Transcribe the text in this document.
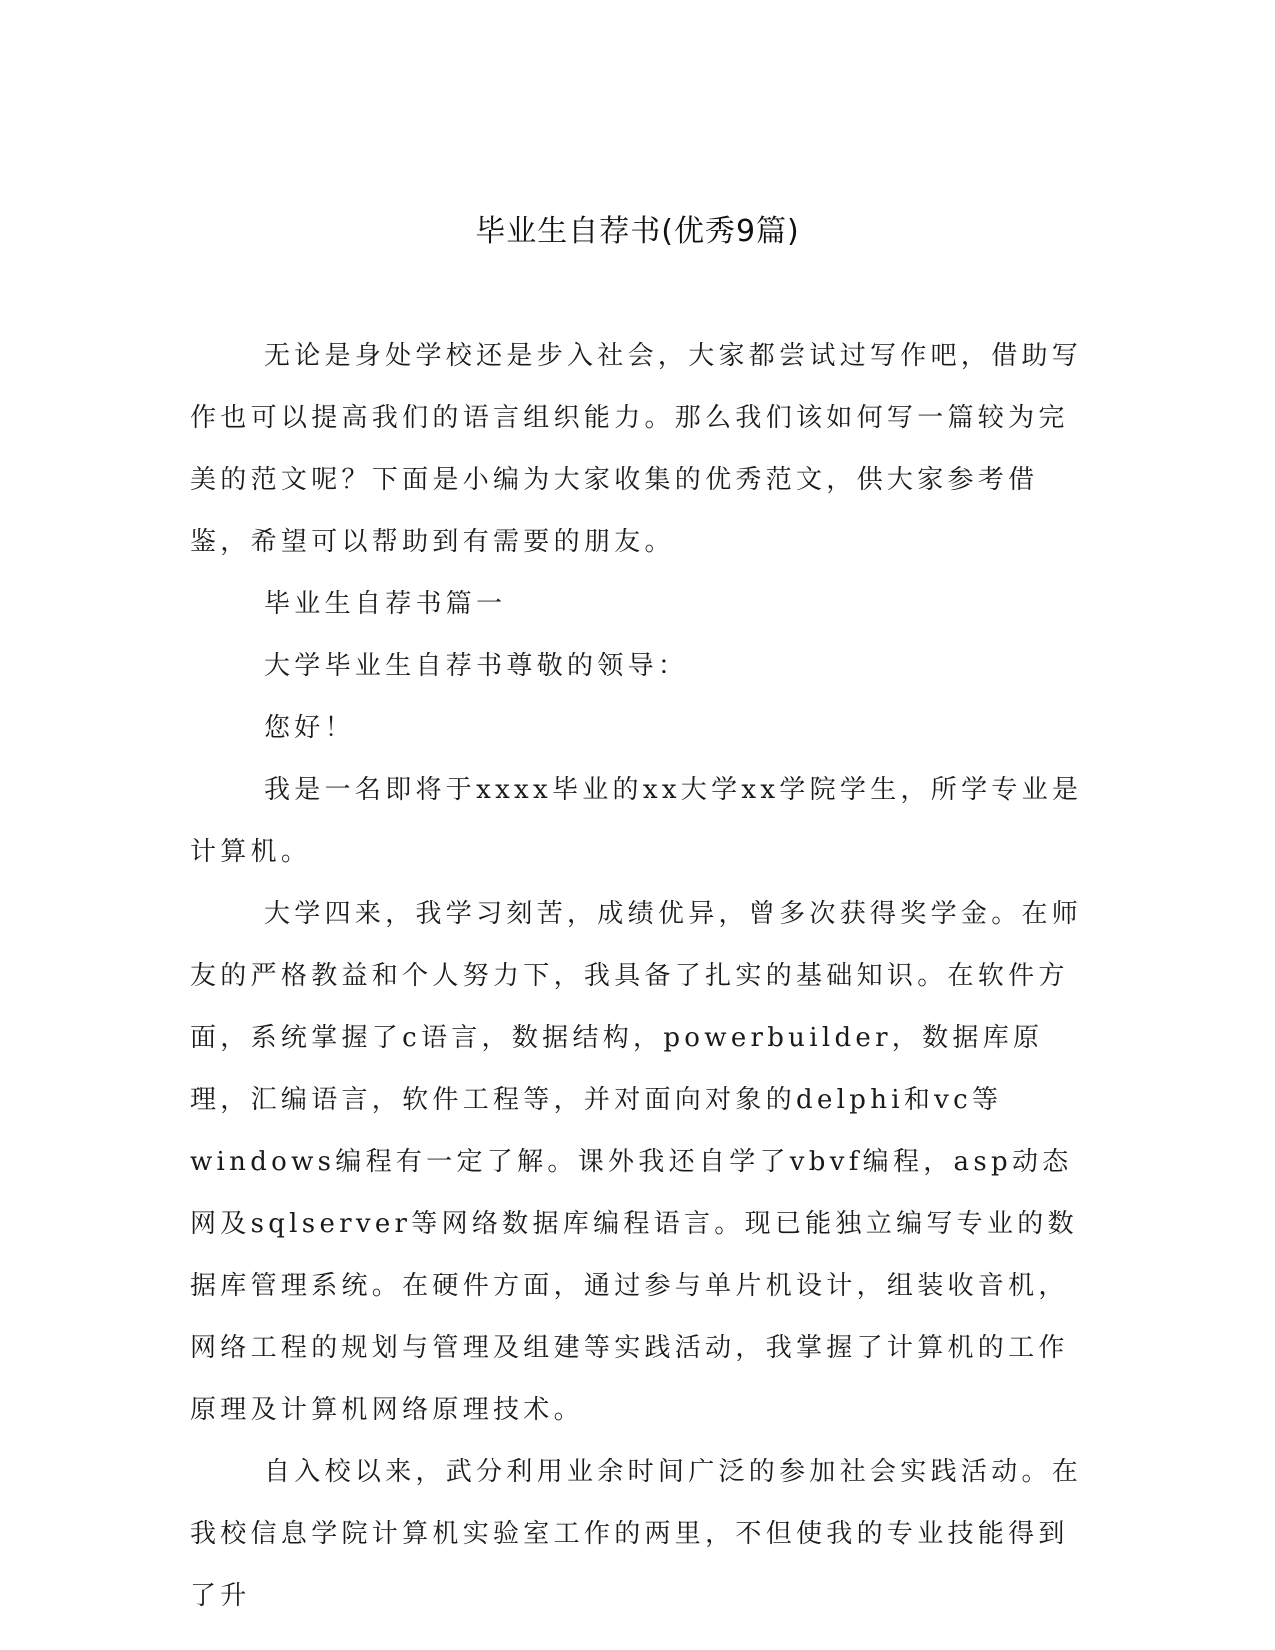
毕业生自荐书(优秀9篇)

无论是身处学校还是步入社会，大家都尝试过写作吧，借助写作也可以提高我们的语言组织能力。那么我们该如何写一篇较为完美的范文呢？下面是小编为大家收集的优秀范文，供大家参考借鉴，希望可以帮助到有需要的朋友。

毕业生自荐书篇一

大学毕业生自荐书尊敬的领导：

您好！

我是一名即将于xxxx毕业的xx大学xx学院学生，所学专业是计算机。

大学四来，我学习刻苦，成绩优异，曾多次获得奖学金。在师友的严格教益和个人努力下，我具备了扎实的基础知识。在软件方面，系统掌握了c语言，数据结构，powerbuilder，数据库原理，汇编语言，软件工程等，并对面向对象的delphi和vc等windows编程有一定了解。课外我还自学了vbvf编程，asp动态网及sqlserver等网络数据库编程语言。现已能独立编写专业的数据库管理系统。在硬件方面，通过参与单片机设计，组装收音机，网络工程的规划与管理及组建等实践活动，我掌握了计算机的工作原理及计算机网络原理技术。

自入校以来，武分利用业余时间广泛的参加社会实践活动。在我校信息学院计算机实验室工作的两里，不但使我的专业技能得到了升
